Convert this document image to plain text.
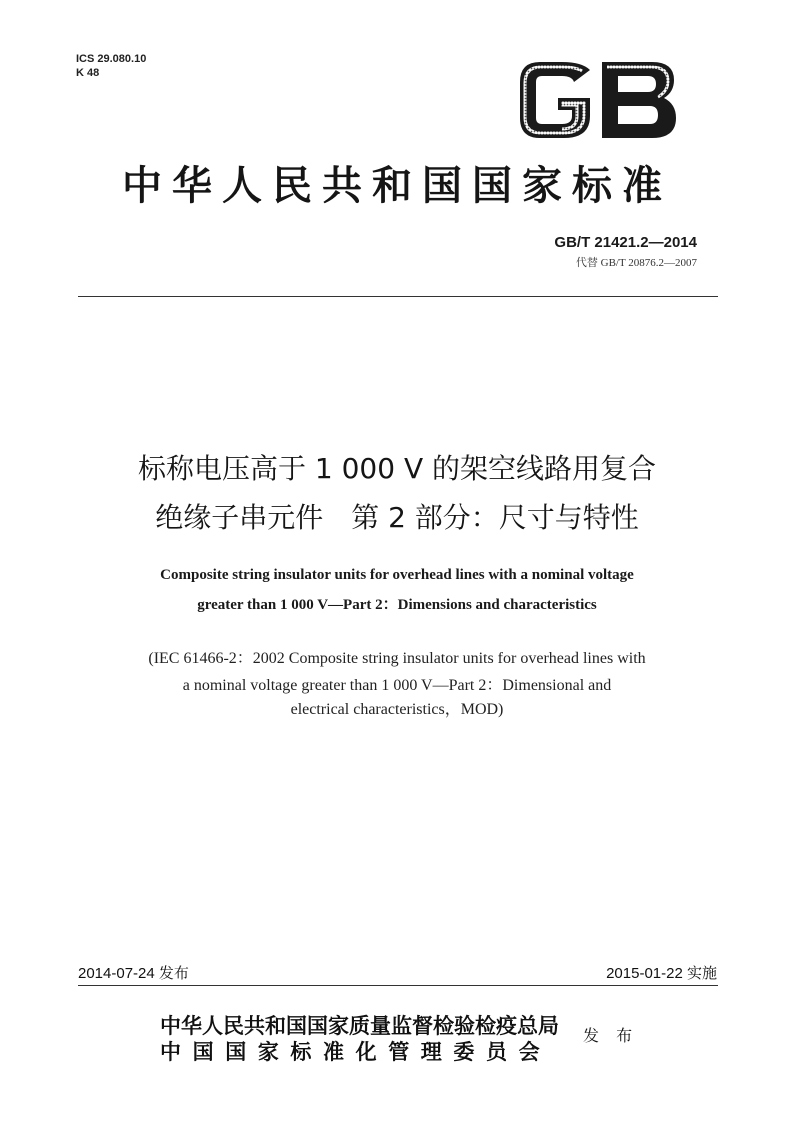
ICS 29.080.10
K 48
中华人民共和国国家标准
GB/T 21421.2—2014
代替 GB/T 20876.2—2007
标称电压高于 1 000 V 的架空线路用复合
绝缘子串元件　第 2 部分：尺寸与特性
Composite string insulator units for overhead lines with a nominal voltage
greater than 1 000 V—Part 2：Dimensions and characteristics
(IEC 61466-2：2002 Composite string insulator units for overhead lines with
a nominal voltage greater than 1 000 V—Part 2：Dimensional and
electrical characteristics，MOD)
2014-07-24 发布	2015-01-22 实施
中华人民共和国国家质量监督检验检疫总局
中国国家标准化管理委员会
发 布
